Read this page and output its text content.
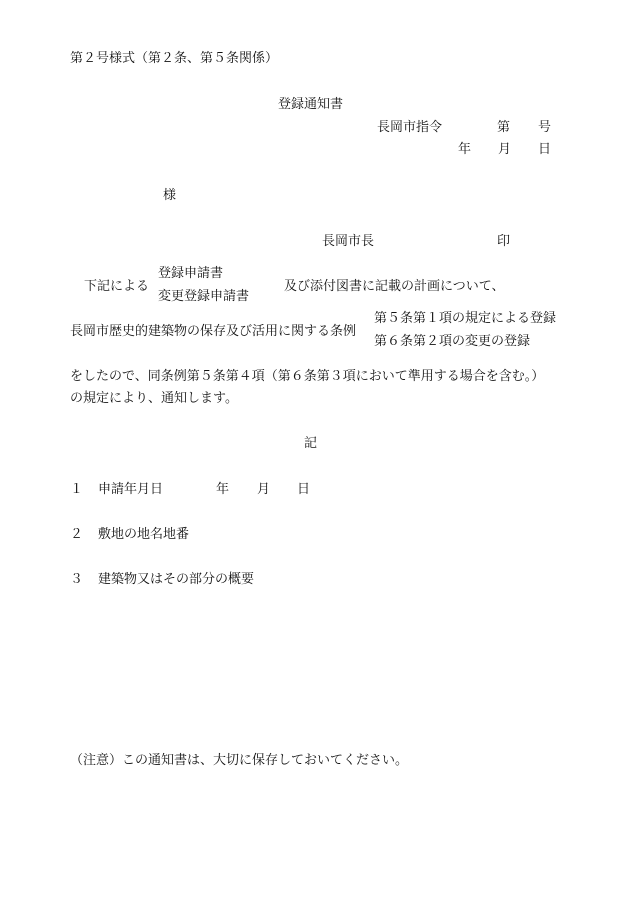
第２号様式（第２条、第５条関係）
登録通知書
長岡市指令	第 号
年 月 日
様
長岡市長	印
下記による
登録申請書
変更登録申請書
及び添付図書に記載の計画について、
長岡市歴史的建築物の保存及び活用に関する条例
第５条第１項の規定による登録
第６条第２項の変更の登録
をしたので、同条例第５条第４項（第６条第３項において準用する場合を含む。）
の規定により、通知します。
記
１ 申請年月日	年 月 日
２ 敷地の地名地番
３ 建築物又はその部分の概要
（注意）この通知書は、大切に保存しておいてください。
